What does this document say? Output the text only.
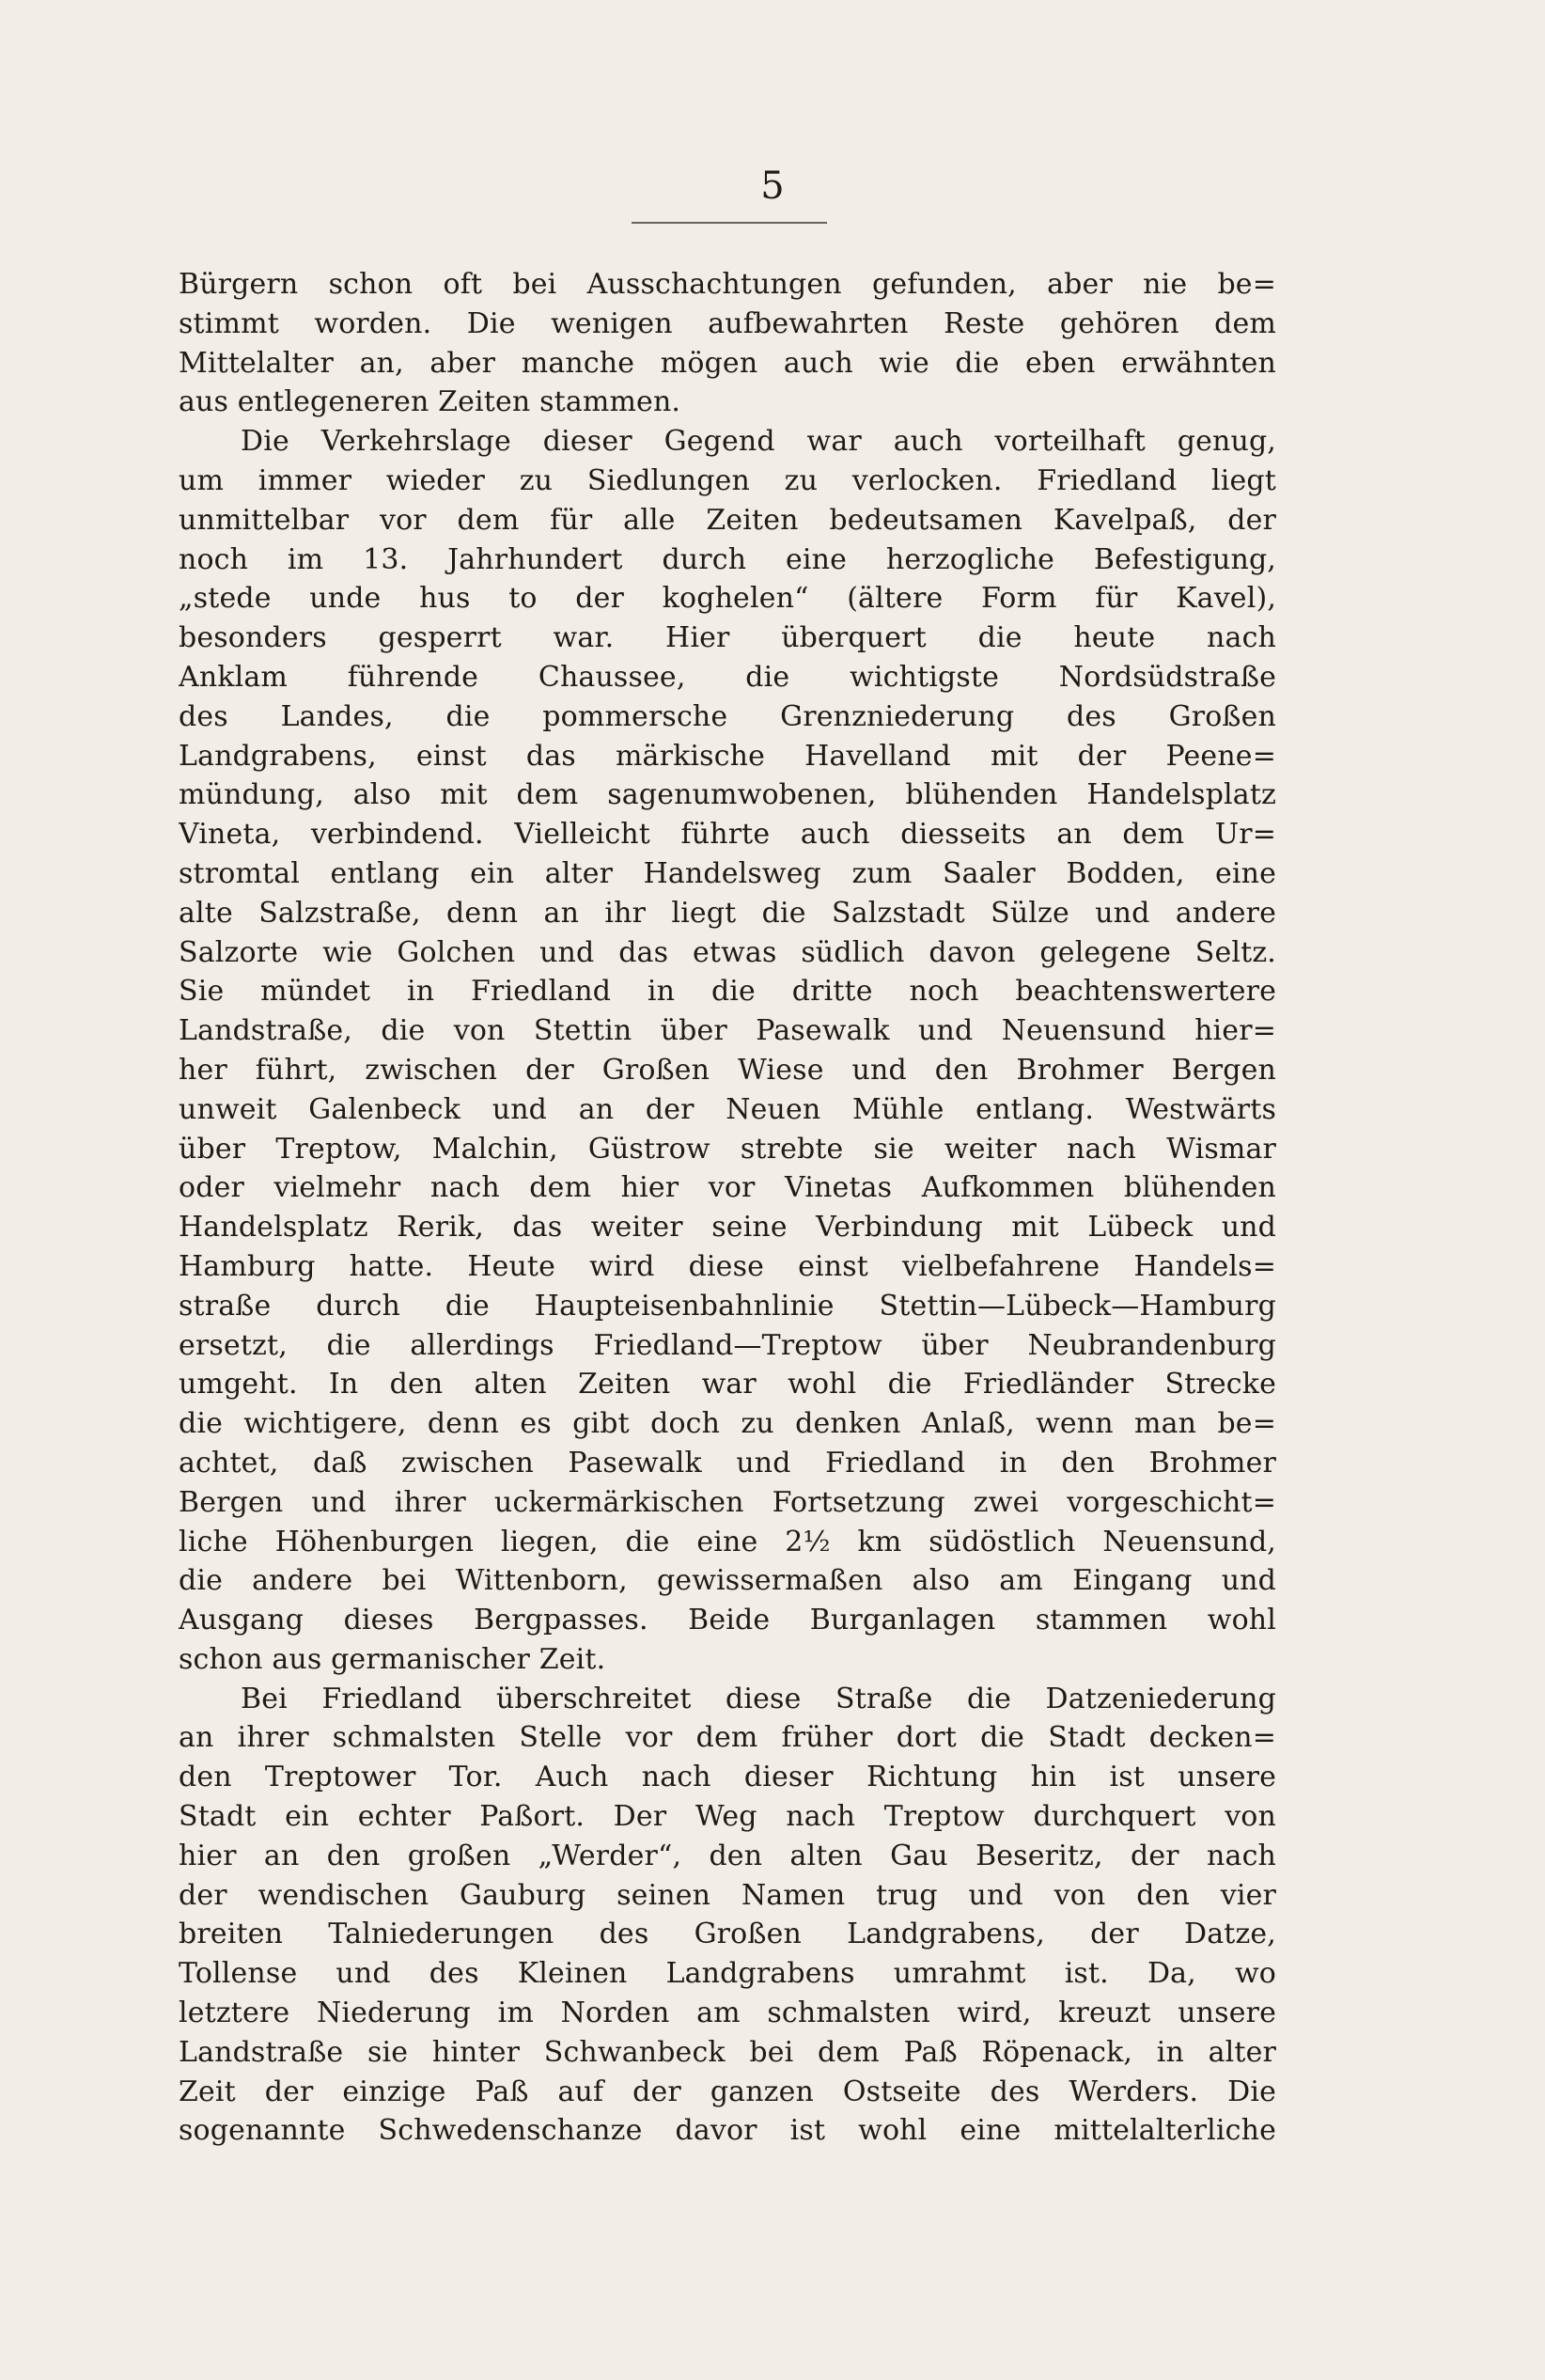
5
Bürgern schon oft bei Ausschachtungen gefunden, aber nie be=
stimmt worden. Die wenigen aufbewahrten Reste gehören dem
Mittelalter an, aber manche mögen auch wie die eben erwähnten
aus entlegeneren Zeiten stammen.
Die Verkehrslage dieser Gegend war auch vorteilhaft genug,
um immer wieder zu Siedlungen zu verlocken. Friedland liegt
unmittelbar vor dem für alle Zeiten bedeutsamen Kavelpaß, der
noch im 13. Jahrhundert durch eine herzogliche Befestigung,
„stede unde hus to der koghelen“ (ältere Form für Kavel),
besonders gesperrt war. Hier überquert die heute nach
Anklam führende Chaussee, die wichtigste Nordsüdstraße
des Landes, die pommersche Grenzniederung des Großen
Landgrabens, einst das märkische Havelland mit der Peene=
mündung, also mit dem sagenumwobenen, blühenden Handelsplatz
Vineta, verbindend. Vielleicht führte auch diesseits an dem Ur=
stromtal entlang ein alter Handelsweg zum Saaler Bodden, eine
alte Salzstraße, denn an ihr liegt die Salzstadt Sülze und andere
Salzorte wie Golchen und das etwas südlich davon gelegene Seltz.
Sie mündet in Friedland in die dritte noch beachtenswertere
Landstraße, die von Stettin über Pasewalk und Neuensund hier=
her führt, zwischen der Großen Wiese und den Brohmer Bergen
unweit Galenbeck und an der Neuen Mühle entlang. Westwärts
über Treptow, Malchin, Güstrow strebte sie weiter nach Wismar
oder vielmehr nach dem hier vor Vinetas Aufkommen blühenden
Handelsplatz Rerik, das weiter seine Verbindung mit Lübeck und
Hamburg hatte. Heute wird diese einst vielbefahrene Handels=
straße durch die Haupteisenbahnlinie Stettin—Lübeck—Hamburg
ersetzt, die allerdings Friedland—Treptow über Neubrandenburg
umgeht. In den alten Zeiten war wohl die Friedländer Strecke
die wichtigere, denn es gibt doch zu denken Anlaß, wenn man be=
achtet, daß zwischen Pasewalk und Friedland in den Brohmer
Bergen und ihrer uckermärkischen Fortsetzung zwei vorgeschicht=
liche Höhenburgen liegen, die eine 2½ km südöstlich Neuensund,
die andere bei Wittenborn, gewissermaßen also am Eingang und
Ausgang dieses Bergpasses. Beide Burganlagen stammen wohl
schon aus germanischer Zeit.
Bei Friedland überschreitet diese Straße die Datzeniederung
an ihrer schmalsten Stelle vor dem früher dort die Stadt decken=
den Treptower Tor. Auch nach dieser Richtung hin ist unsere
Stadt ein echter Paßort. Der Weg nach Treptow durchquert von
hier an den großen „Werder“, den alten Gau Beseritz, der nach
der wendischen Gauburg seinen Namen trug und von den vier
breiten Talniederungen des Großen Landgrabens, der Datze,
Tollense und des Kleinen Landgrabens umrahmt ist. Da, wo
letztere Niederung im Norden am schmalsten wird, kreuzt unsere
Landstraße sie hinter Schwanbeck bei dem Paß Röpenack, in alter
Zeit der einzige Paß auf der ganzen Ostseite des Werders. Die
sogenannte Schwedenschanze davor ist wohl eine mittelalterliche
